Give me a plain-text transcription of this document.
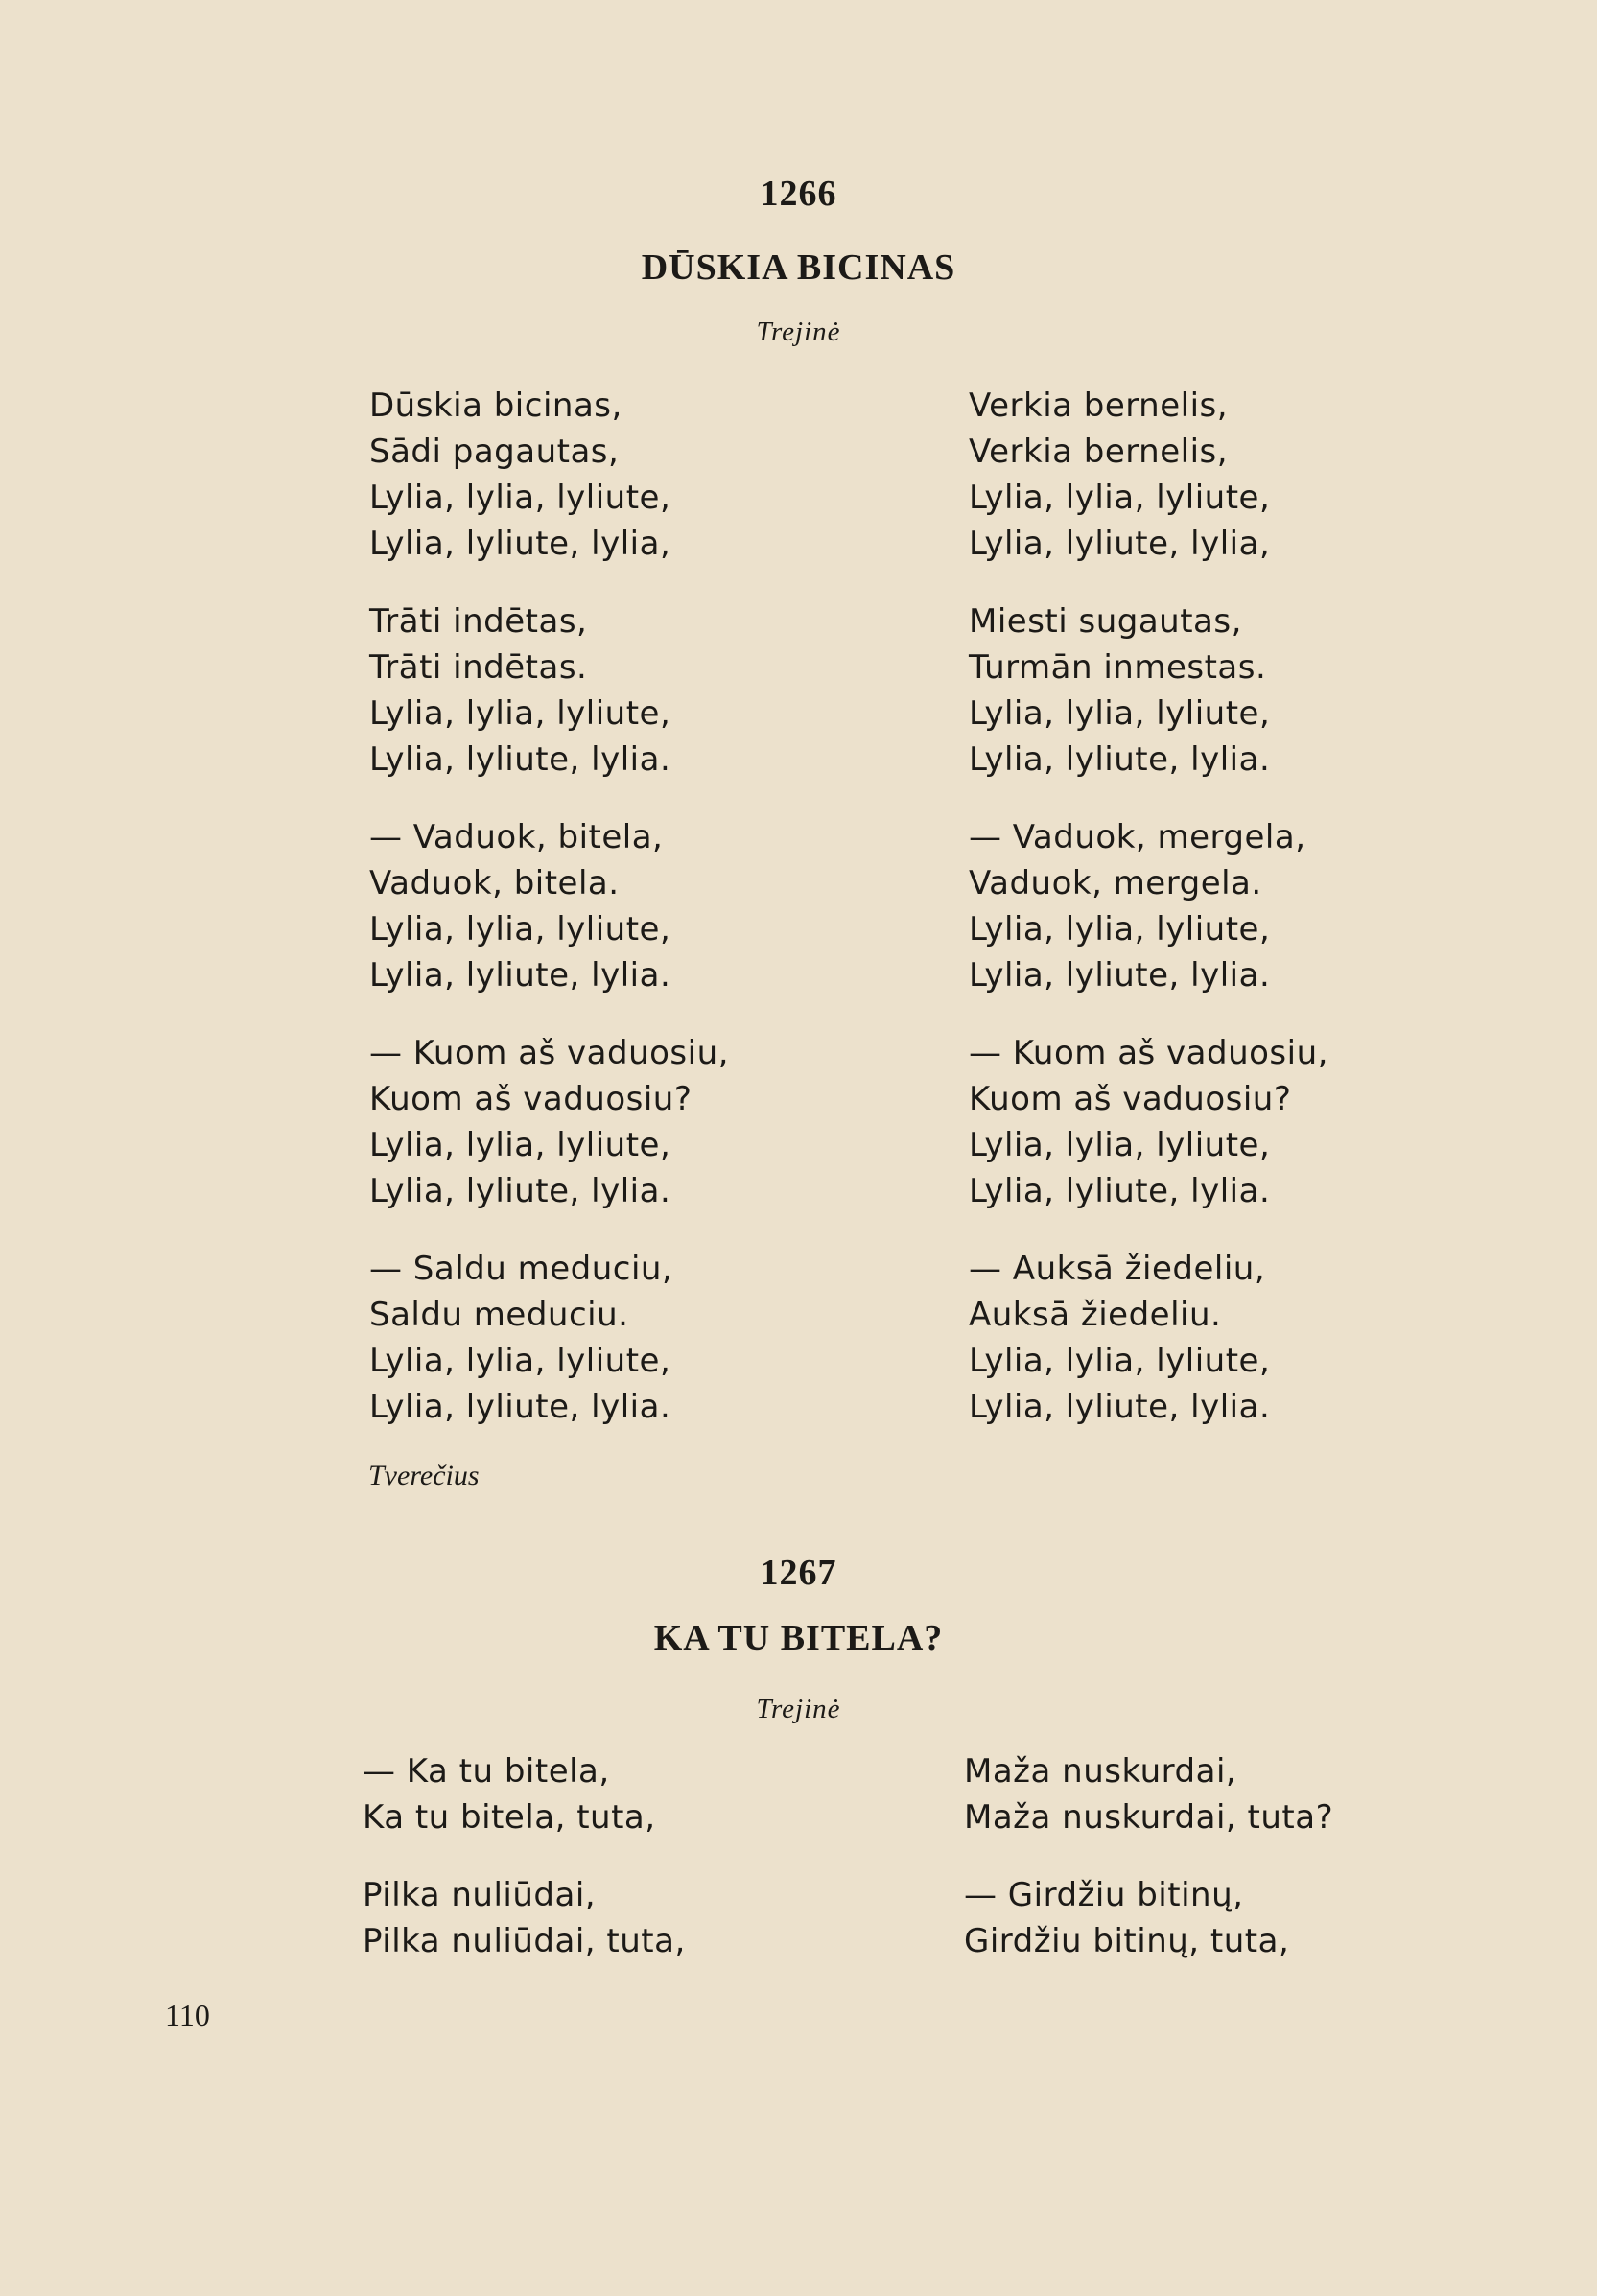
1266
DŪSKIA BICINAS
Trejinė
Dūskia bicinas,
Sādi pagautas,
Lylia, lylia, lyliute,
Lylia, lyliute, lylia,
Trāti indētas,
Trāti indētas.
Lylia, lylia, lyliute,
Lylia, lyliute, lylia.
— Vaduok, bitela,
Vaduok, bitela.
Lylia, lylia, lyliute,
Lylia, lyliute, lylia.
— Kuom aš vaduosiu,
Kuom aš vaduosiu?
Lylia, lylia, lyliute,
Lylia, lyliute, lylia.
— Saldu meduciu,
Saldu meduciu.
Lylia, lylia, lyliute,
Lylia, lyliute, lylia.
Verkia bernelis,
Verkia bernelis,
Lylia, lylia, lyliute,
Lylia, lyliute, lylia,
Miesti sugautas,
Turmān inmestas.
Lylia, lylia, lyliute,
Lylia, lyliute, lylia.
— Vaduok, mergela,
Vaduok, mergela.
Lylia, lylia, lyliute,
Lylia, lyliute, lylia.
— Kuom aš vaduosiu,
Kuom aš vaduosiu?
Lylia, lylia, lyliute,
Lylia, lyliute, lylia.
— Auksā žiedeliu,
Auksā žiedeliu.
Lylia, lylia, lyliute,
Lylia, lyliute, lylia.
Tverečius
1267
KA TU BITELA?
Trejinė
— Ka tu bitela,
Ka tu bitela, tuta,
Pilka nuliūdai,
Pilka nuliūdai, tuta,
Maža nuskurdai,
Maža nuskurdai, tuta?
— Girdžiu bitinų,
Girdžiu bitinų, tuta,
110
